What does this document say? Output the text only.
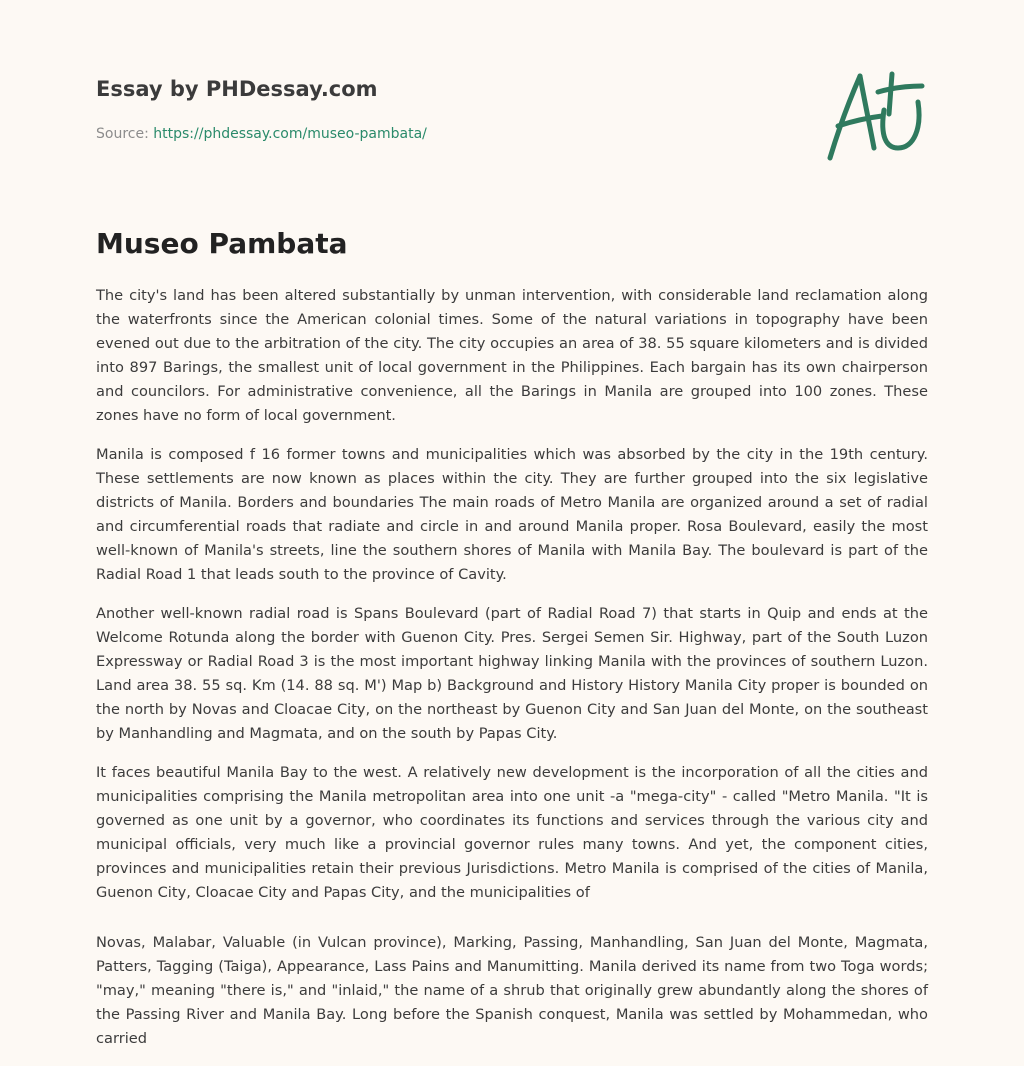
Essay by PHDessay.com
Source: https://phdessay.com/museo-pambata/
Museo Pambata

The city's land has been altered substantially by unman intervention, with considerable land reclamation along the waterfronts since the American colonial times. Some of the natural variations in topography have been evened out due to the arbitration of the city. The city occupies an area of 38. 55 square kilometers and is divided into 897 Barings, the smallest unit of local government in the Philippines. Each bargain has its own chairperson and councilors. For administrative convenience, all the Barings in Manila are grouped into 100 zones. These zones have no form of local government.

Manila is composed f 16 former towns and municipalities which was absorbed by the city in the 19th century. These settlements are now known as places within the city. They are further grouped into the six legislative districts of Manila. Borders and boundaries The main roads of Metro Manila are organized around a set of radial and circumferential roads that radiate and circle in and around Manila proper. Rosa Boulevard, easily the most well-known of Manila's streets, line the southern shores of Manila with Manila Bay. The boulevard is part of the Radial Road 1 that leads south to the province of Cavity.

Another well-known radial road is Spans Boulevard (part of Radial Road 7) that starts in Quip and ends at the Welcome Rotunda along the border with Guenon City. Pres. Sergei Semen Sir. Highway, part of the South Luzon Expressway or Radial Road 3 is the most important highway linking Manila with the provinces of southern Luzon. Land area 38. 55 sq. Km (14. 88 sq. M') Map b) Background and History History Manila City proper is bounded on the north by Novas and Cloacae City, on the northeast by Guenon City and San Juan del Monte, on the southeast by Manhandling and Magmata, and on the south by Papas City.

It faces beautiful Manila Bay to the west. A relatively new development is the incorporation of all the cities and municipalities comprising the Manila metropolitan area into one unit -a "mega-city" - called "Metro Manila. "It is governed as one unit by a governor, who coordinates its functions and services through the various city and municipal officials, very much like a provincial governor rules many towns. And yet, the component cities, provinces and municipalities retain their previous Jurisdictions. Metro Manila is comprised of the cities of Manila, Guenon City, Cloacae City and Papas City, and the municipalities of

Novas, Malabar, Valuable (in Vulcan province), Marking, Passing, Manhandling, San Juan del Monte, Magmata, Patters, Tagging (Taiga), Appearance, Lass Pains and Manumitting. Manila derived its name from two Toga words; "may," meaning "there is," and "inlaid," the name of a shrub that originally grew abundantly along the shores of the Passing River and Manila Bay. Long before the Spanish conquest, Manila was settled by Mohammedan, who carried
